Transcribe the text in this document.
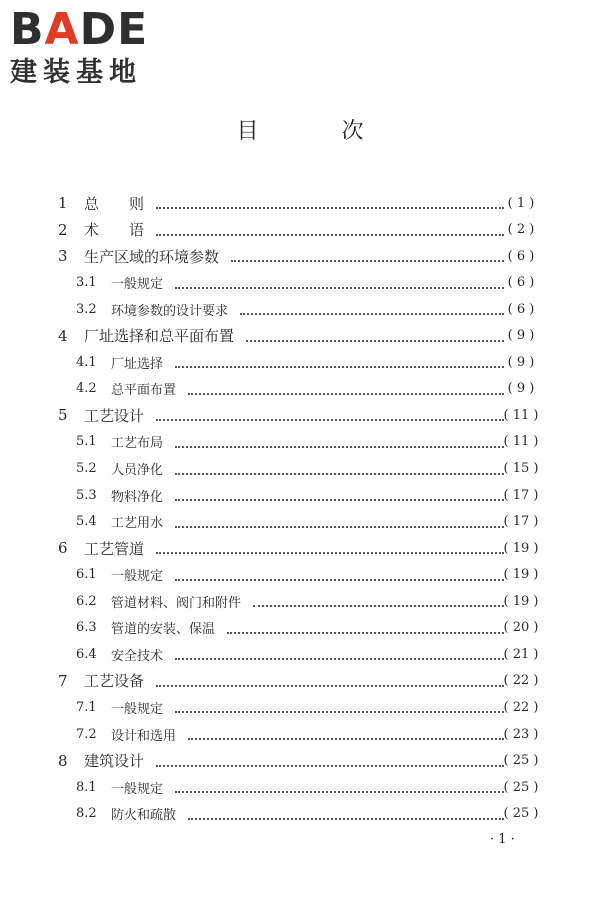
BADE
建装基地
目 次
1 总　　则	( 1 )
2 术　　语	( 2 )
3 生产区域的环境参数	( 6 )
3.1 一般规定	( 6 )
3.2 环境参数的设计要求	( 6 )
4 厂址选择和总平面布置	( 9 )
4.1 厂址选择	( 9 )
4.2 总平面布置	( 9 )
5 工艺设计	( 11 )
5.1 工艺布局	( 11 )
5.2 人员净化	( 15 )
5.3 物料净化	( 17 )
5.4 工艺用水	( 17 )
6 工艺管道	( 19 )
6.1 一般规定	( 19 )
6.2 管道材料、阀门和附件	( 19 )
6.3 管道的安装、保温	( 20 )
6.4 安全技术	( 21 )
7 工艺设备	( 22 )
7.1 一般规定	( 22 )
7.2 设计和选用	( 23 )
8 建筑设计	( 25 )
8.1 一般规定	( 25 )
8.2 防火和疏散	( 25 )
· 1 ·
